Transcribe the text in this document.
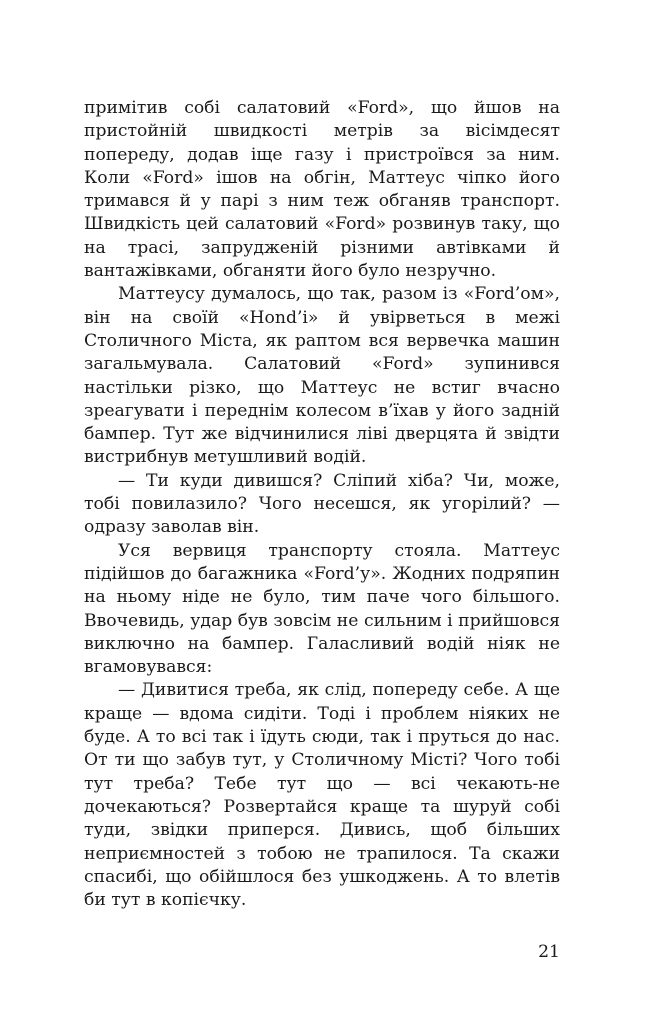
примітив собі салатовий «Ford», що йшов на пристойній швидкості метрів за вісімдесят попереду, додав іще газу і пристроївся за ним. Коли «Ford» ішов на обгін, Маттеус чіпко його тримався й у парі з ним теж обганяв транспорт. Швидкість цей салатовий «Ford» розвинув таку, що на трасі, запрудженій різними автівками й вантажівками, обганяти його було незручно.

Маттеусу думалось, що так, разом із «Ford’ом», він на своїй «Hond’і» й увірветься в межі Столичного Міста, як раптом вся вервечка машин загальмувала. Салатовий «Ford» зупинився настільки різко, що Маттеус не встиг вчасно зреагувати і переднім колесом в’їхав у його задній бампер. Тут же відчинилися ліві дверцята й звідти вистрибнув метушливий водій.

— Ти куди дивишся? Сліпий хіба? Чи, може, тобі повилазило? Чого несешся, як угорілий? — одразу заволав він.

Уся вервиця транспорту стояла. Маттеус підійшов до багажника «Ford’у». Жодних подряпин на ньому ніде не було, тим паче чого більшого. Ввочевидь, удар був зовсім не сильним і прийшовся виключно на бампер. Галасливий водій ніяк не вгамовувався:

— Дивитися треба, як слід, попереду себе. А ще краще — вдома сидіти. Тоді і проблем ніяких не буде. А то всі так і їдуть сюди, так і пруться до нас. От ти що забув тут, у Столичному Місті? Чого тобі тут треба? Тебе тут що — всі чекають-не дочекаються? Розвертайся краще та шуруй собі туди, звідки приперся. Дивись, щоб більших неприємностей з тобою не трапилося. Та скажи спасибі, що обійшлося без ушкоджень. А то влетів би тут в копієчку.

21
